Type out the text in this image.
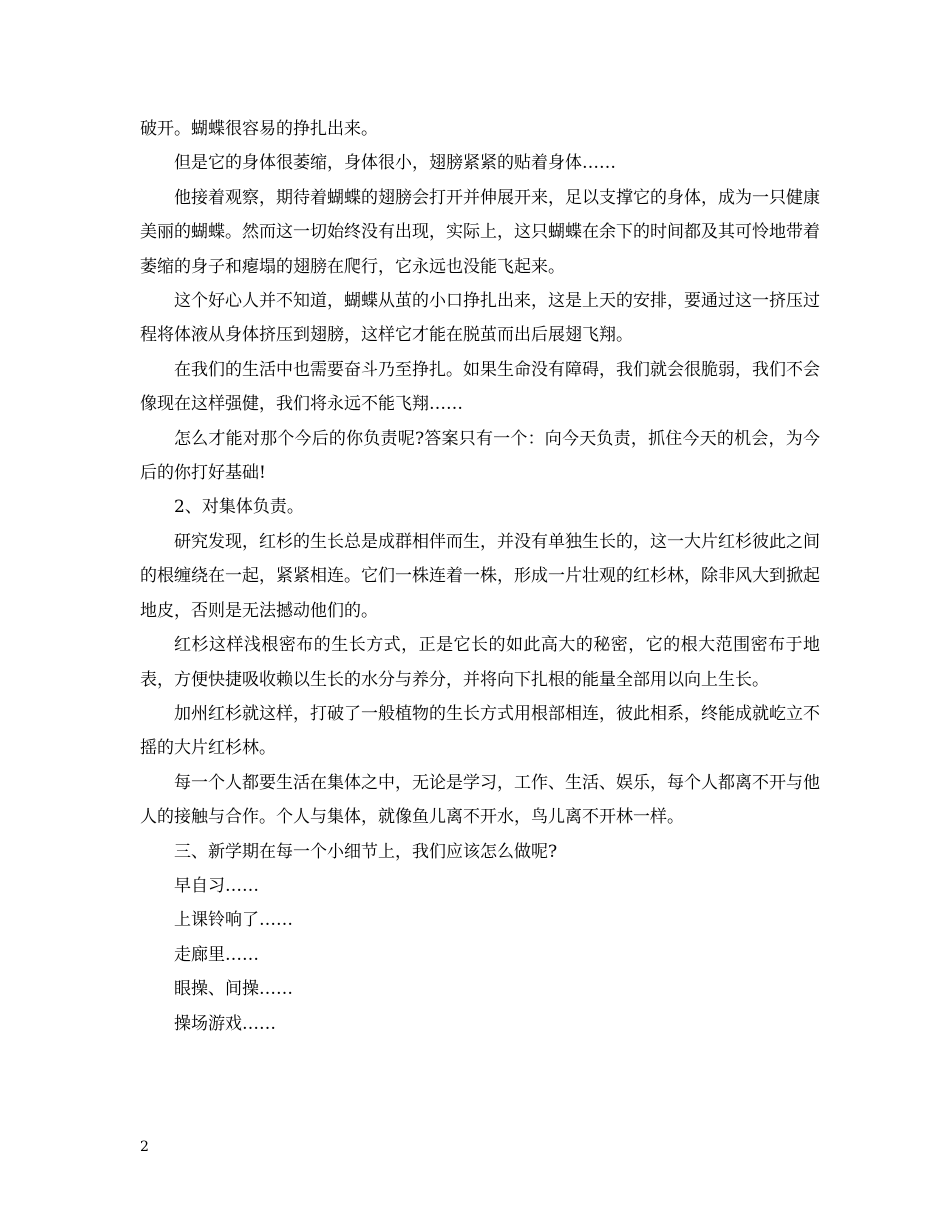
破开。蝴蝶很容易的挣扎出来。

但是它的身体很萎缩，身体很小，翅膀紧紧的贴着身体……

他接着观察，期待着蝴蝶的翅膀会打开并伸展开来，足以支撑它的身体，成为一只健康美丽的蝴蝶。然而这一切始终没有出现，实际上，这只蝴蝶在余下的时间都及其可怜地带着萎缩的身子和瘪塌的翅膀在爬行，它永远也没能飞起来。

这个好心人并不知道，蝴蝶从茧的小口挣扎出来，这是上天的安排，要通过这一挤压过程将体液从身体挤压到翅膀，这样它才能在脱茧而出后展翅飞翔。

在我们的生活中也需要奋斗乃至挣扎。如果生命没有障碍，我们就会很脆弱，我们不会像现在这样强健，我们将永远不能飞翔……

怎么才能对那个今后的你负责呢?答案只有一个：向今天负责，抓住今天的机会，为今后的你打好基础!

2、对集体负责。

研究发现，红杉的生长总是成群相伴而生，并没有单独生长的，这一大片红杉彼此之间的根缠绕在一起，紧紧相连。它们一株连着一株，形成一片壮观的红杉林，除非风大到掀起地皮，否则是无法撼动他们的。

红杉这样浅根密布的生长方式，正是它长的如此高大的秘密，它的根大范围密布于地表，方便快捷吸收赖以生长的水分与养分，并将向下扎根的能量全部用以向上生长。

加州红杉就这样，打破了一般植物的生长方式用根部相连，彼此相系，终能成就屹立不摇的大片红杉林。

每一个人都要生活在集体之中，无论是学习，工作、生活、娱乐，每个人都离不开与他人的接触与合作。个人与集体，就像鱼儿离不开水，鸟儿离不开林一样。

三、新学期在每一个小细节上，我们应该怎么做呢?

早自习……

上课铃响了……

走廊里……

眼操、间操……

操场游戏……

2
